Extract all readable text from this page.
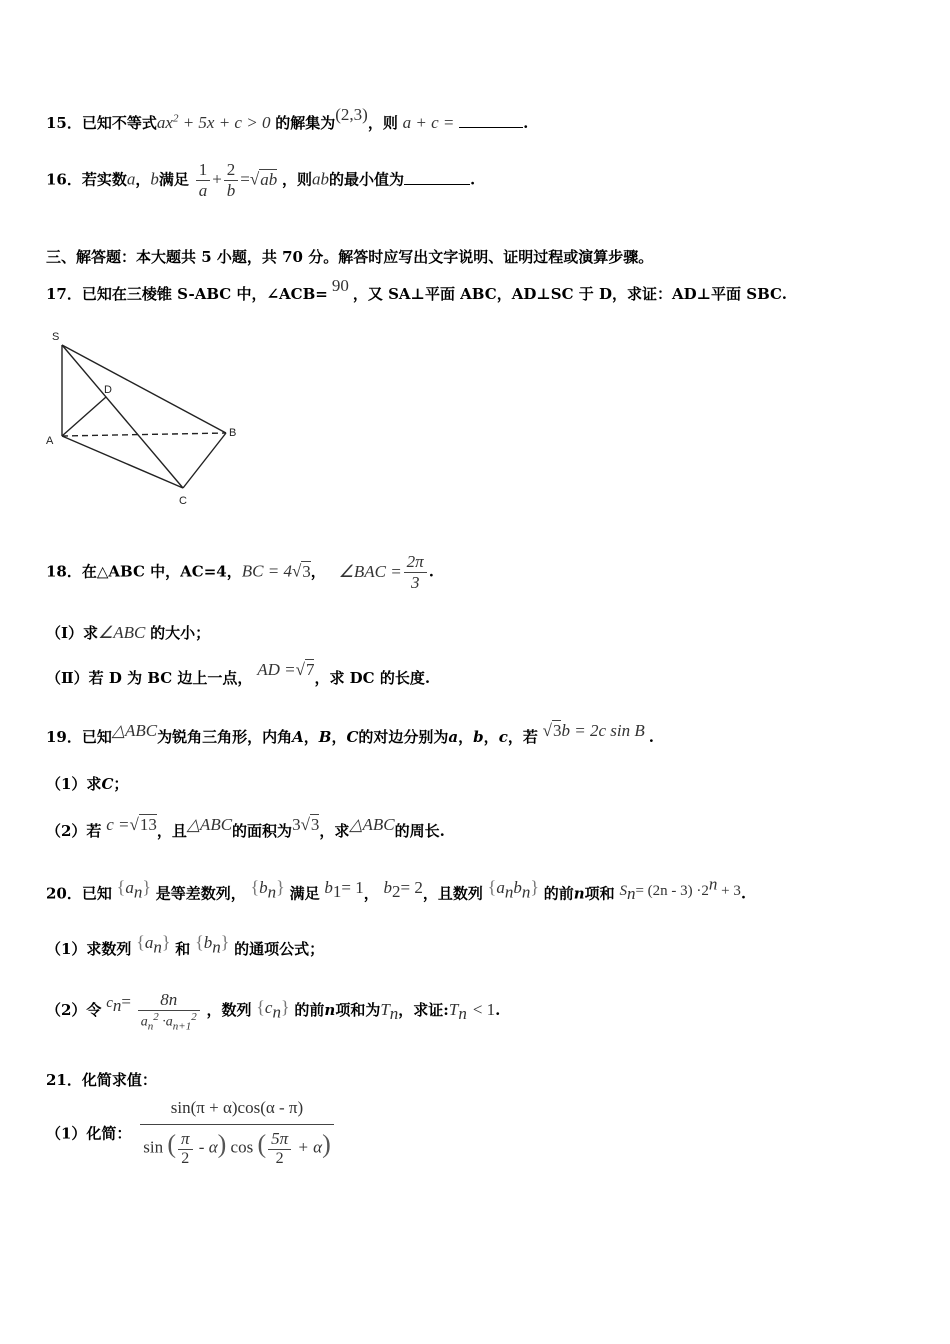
15．已知不等式$ax^2 + 5x + c > 0$ 的解集为(2,3)，则 a + c =	.
16．若实数a，b满足 $\frac{1}{a} + \frac{2}{b} =√ab$ ，则ab的最小值为	.
三、解答题：本大题共 5 小题，共 70 分。解答时应写出文字说明、证明过程或演算步骤。
17．已知在三棱锥 S-ABC 中，∠ACB= 90 ，又 SA⊥平面 ABC，AD⊥SC 于 D，求证：AD⊥平面 SBC.
S
D
A
B
C
18．在△ABC 中，AC=4，BC = 4√3， ∠BAC = $\frac{2\pi}{3}$ .
（Ⅰ）求∠ABC 的大小；
（Ⅱ）若 D 为 BC 边上一点， AD =√7，求 DC 的长度.
19．已知△ABC为锐角三角形，内角A，B，C的对边分别为a，b，c，若 √3b = 2c sin B .
（1）求C；
（2）若 c =√13，且△ABC的面积为3√3，求△ABC的周长.
20．已知 $\{a_n\}$ 是等差数列， $\{b_n\}$ 满足 $b_1= 1$， $b_2= 2$，且数列 $\{a_nb_n\}$ 的前n项和 $S_n= (2n - 3) \cdot 2^n + 3$.
（1）求数列 $\{a_n\}$ 和 $\{b_n\}$ 的通项公式；
（2）令 $c_n= \frac{8n}{a_n^2 \cdot a_{n+1}^2}$ ，数列 $\{c_n\}$ 的前n项和为$T_n$，求证$:T_n < 1$.
21．化简求值：
（1）化简： $\frac{\sin(\pi + \alpha)\cos(\alpha - \pi)}{\sin ( \frac{\pi}{2} - \alpha) \cos ( \frac{5\pi}{2} + \alpha)}$
